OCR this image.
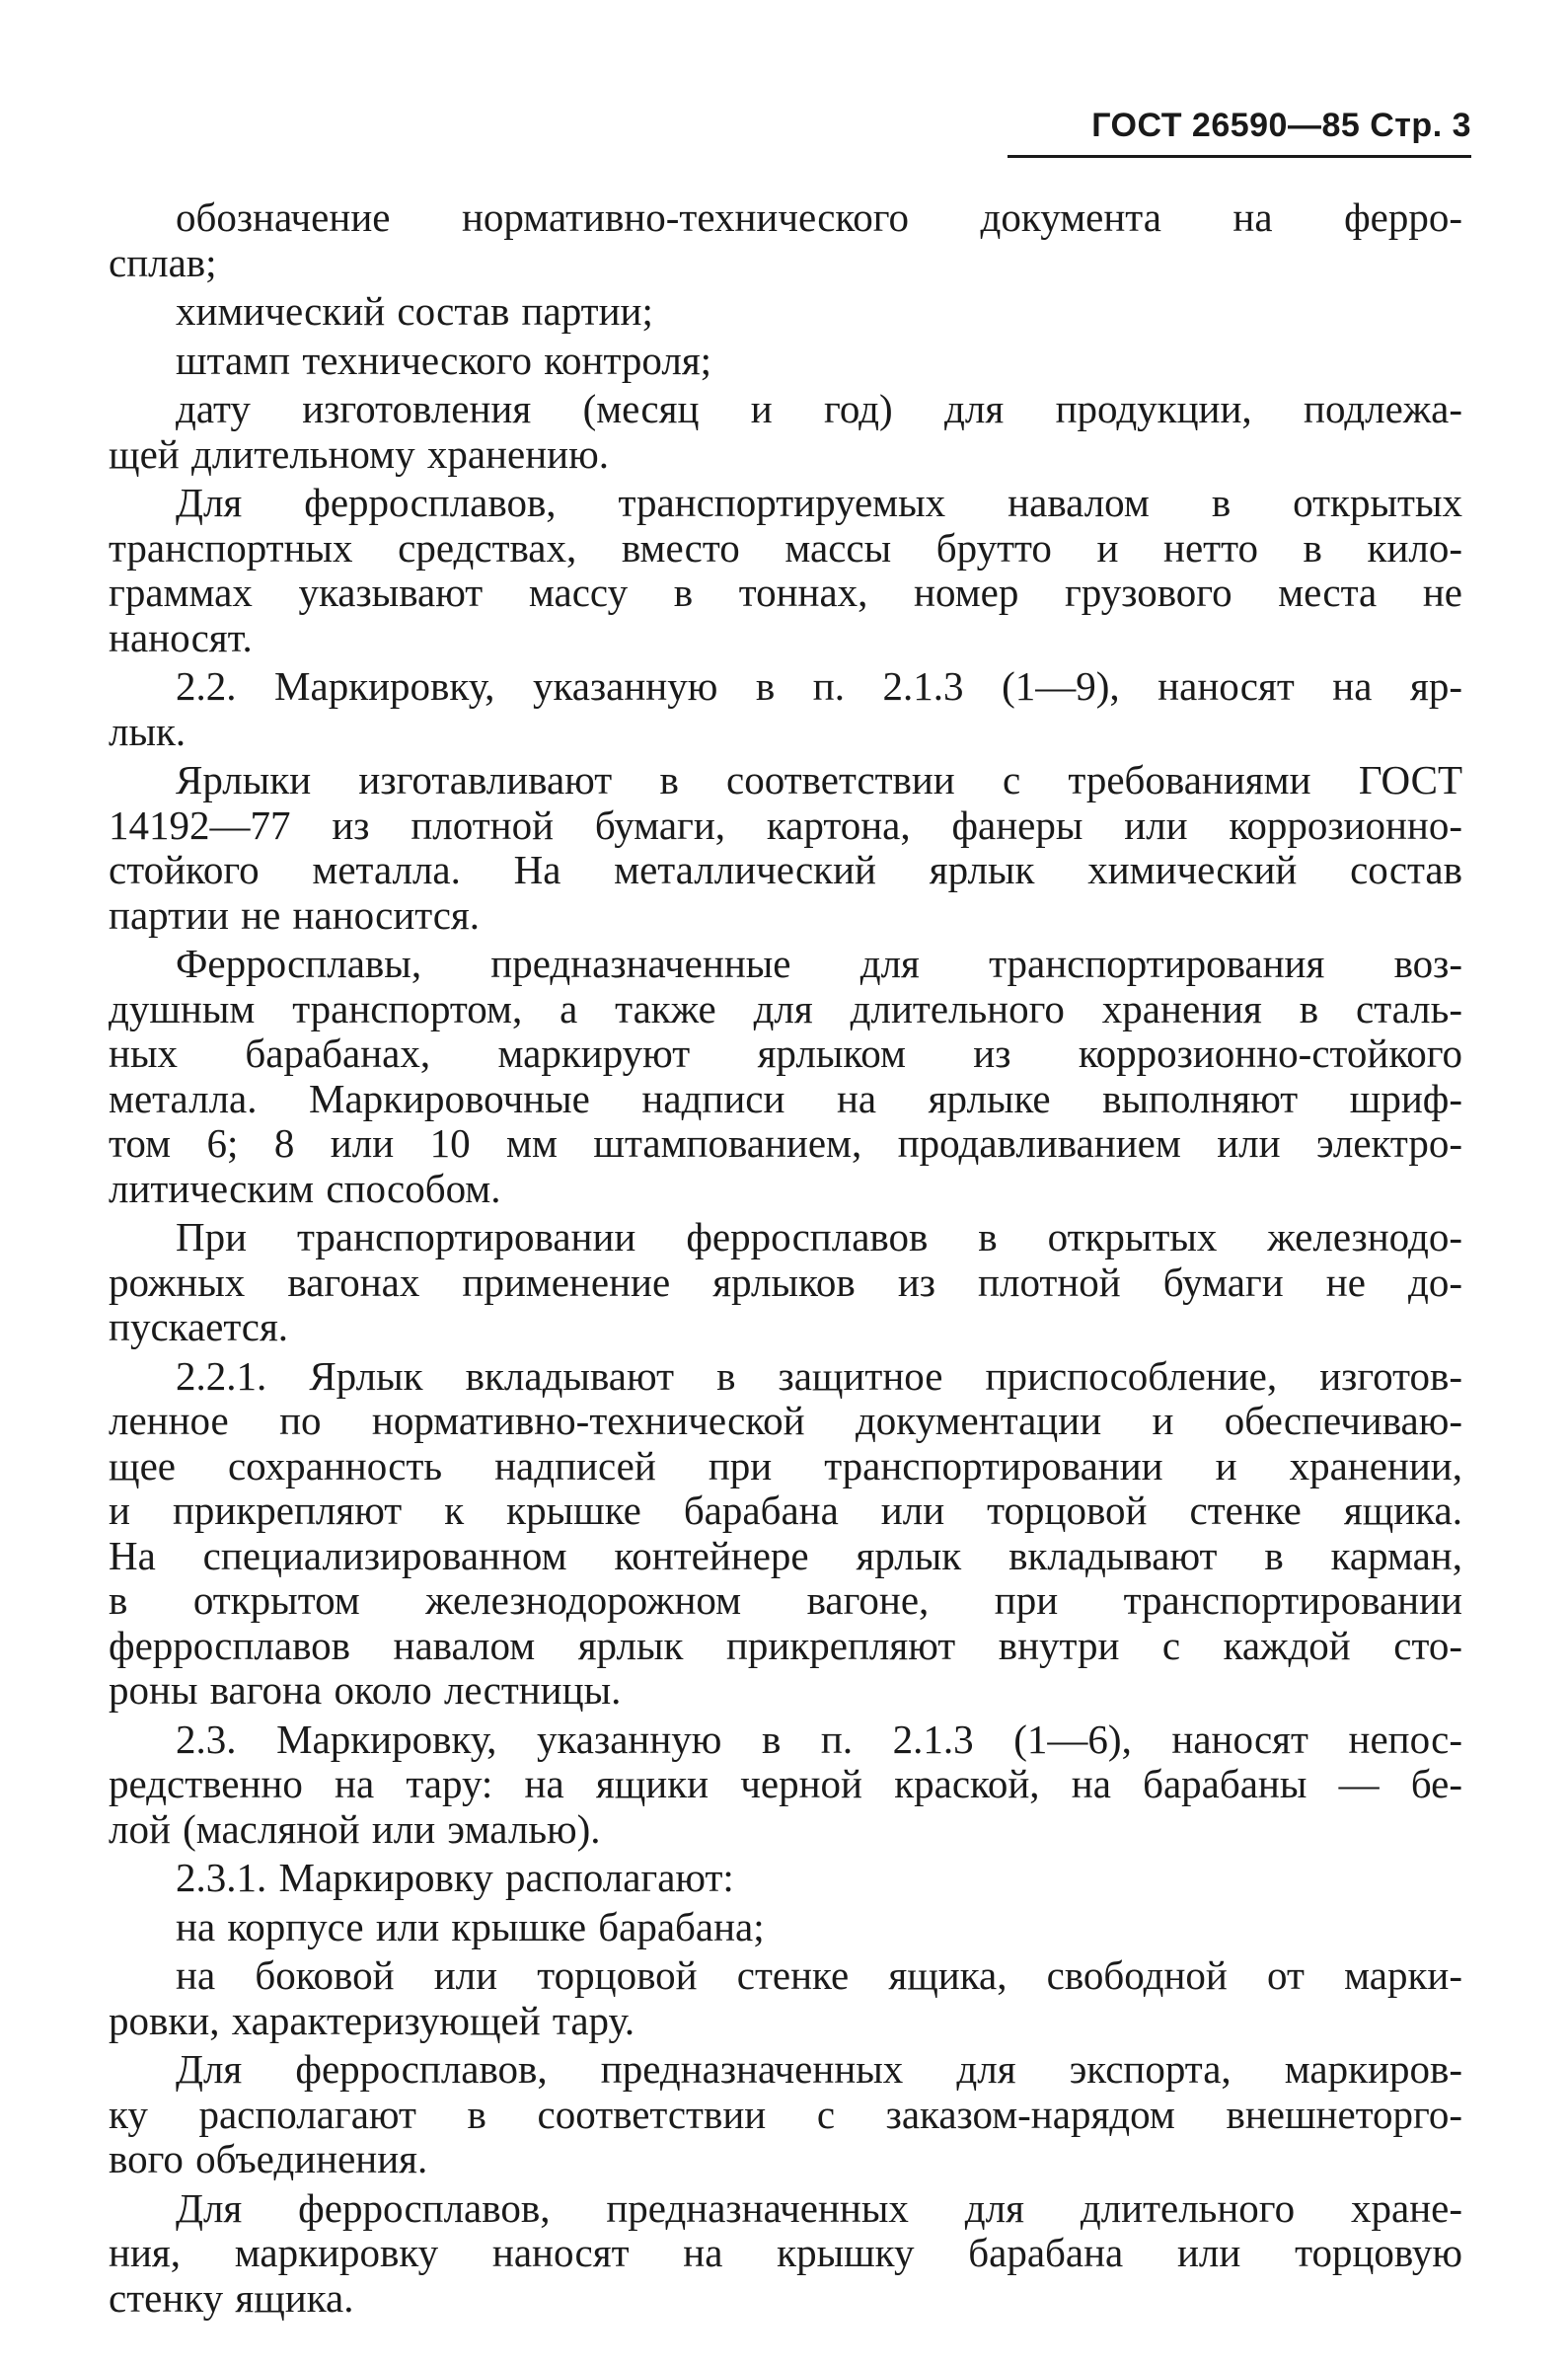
ГОСТ 26590—85 Стр. 3
обозначение нормативно-технического документа на ферро-
сплав;
химический состав партии;
штамп технического контроля;
дату изготовления (месяц и год) для продукции, подлежа-
щей длительному хранению.
Для ферросплавов, транспортируемых навалом в открытых
транспортных средствах, вместо массы брутто и нетто в кило-
граммах указывают массу в тоннах, номер грузового места не
наносят.
2.2. Маркировку, указанную в п. 2.1.3 (1—9), наносят на яр-
лык.
Ярлыки изготавливают в соответствии с требованиями ГОСТ
14192—77 из плотной бумаги, картона, фанеры или коррозионно-
стойкого металла. На металлический ярлык химический состав
партии не наносится.
Ферросплавы, предназначенные для транспортирования воз-
душным транспортом, а также для длительного хранения в сталь-
ных барабанах, маркируют ярлыком из коррозионно-стойкого
металла. Маркировочные надписи на ярлыке выполняют шриф-
том 6; 8 или 10 мм штампованием, продавливанием или электро-
литическим способом.
При транспортировании ферросплавов в открытых железнодо-
рожных вагонах применение ярлыков из плотной бумаги не до-
пускается.
2.2.1. Ярлык вкладывают в защитное приспособление, изготов-
ленное по нормативно-технической документации и обеспечиваю-
щее сохранность надписей при транспортировании и хранении,
и прикрепляют к крышке барабана или торцовой стенке ящика.
На специализированном контейнере ярлык вкладывают в карман,
в открытом железнодорожном вагоне, при транспортировании
ферросплавов навалом ярлык прикрепляют внутри с каждой сто-
роны вагона около лестницы.
2.3. Маркировку, указанную в п. 2.1.3 (1—6), наносят непос-
редственно на тару: на ящики черной краской, на барабаны — бе-
лой (масляной или эмалью).
2.3.1. Маркировку располагают:
на корпусе или крышке барабана;
на боковой или торцовой стенке ящика, свободной от марки-
ровки, характеризующей тару.
Для ферросплавов, предназначенных для экспорта, маркиров-
ку располагают в соответствии с заказом-нарядом внешнеторго-
вого объединения.
Для ферросплавов, предназначенных для длительного хране-
ния, маркировку наносят на крышку барабана или торцовую
стенку ящика.
